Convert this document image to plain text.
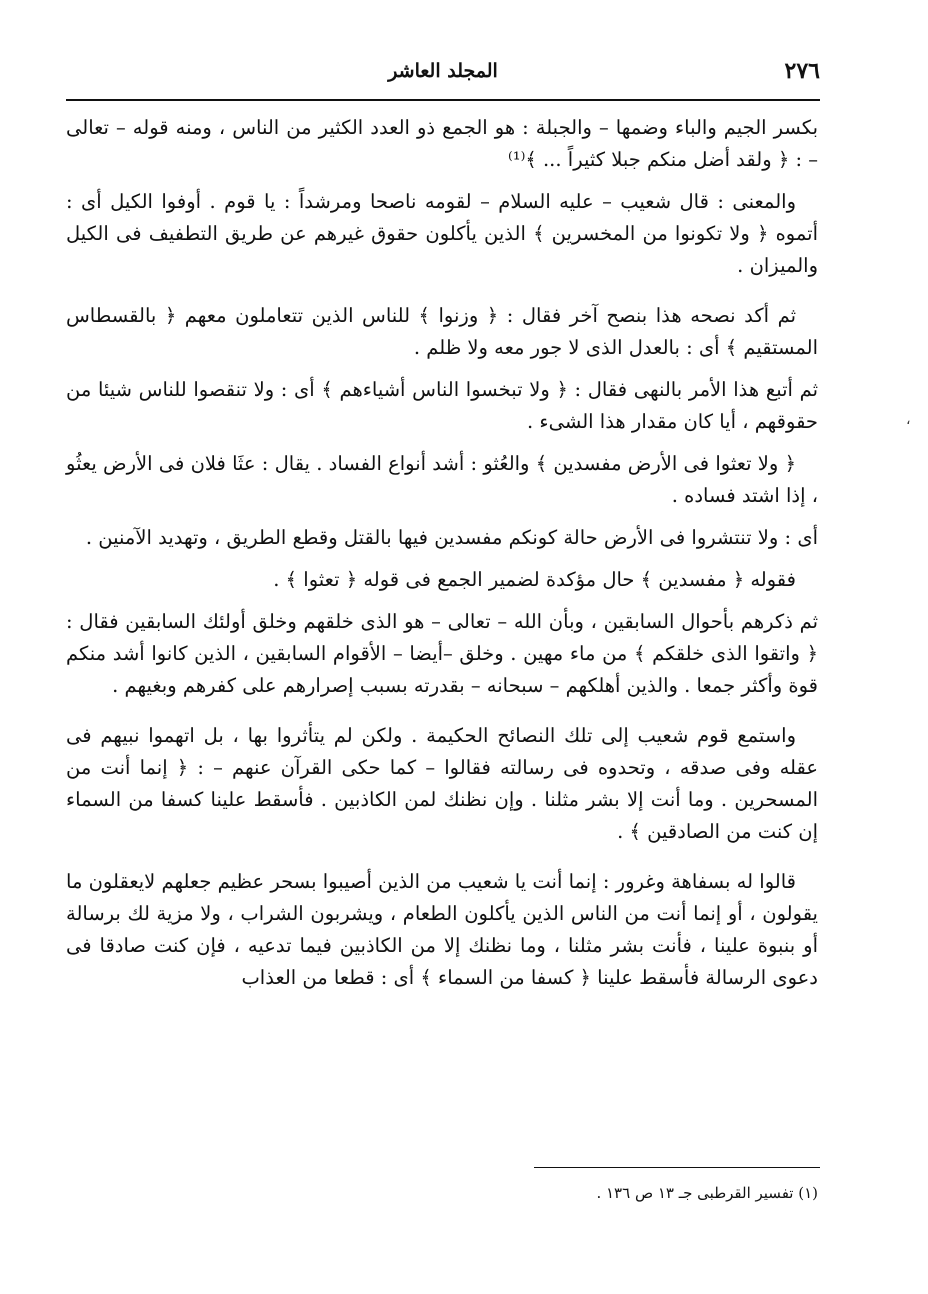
٢٧٦
المجلد العاشر
،

بكسر الجيم والباء وضمها – والجبلة : هو الجمع ذو العدد الكثير من الناس ، ومنه قوله – تعالى – : ﴿ ولقد أضل منكم جبلا كثيراً ... ﴾⁽¹⁾

والمعنى : قال شعيب – عليه السلام – لقومه ناصحا ومرشداً : يا قوم . أوفوا الكيل أى : أتموه ﴿ ولا تكونوا من المخسرين ﴾ الذين يأكلون حقوق غيرهم عن طريق التطفيف فى الكيل والميزان .

ثم أكد نصحه هذا بنصح آخر فقال : ﴿ وزنوا ﴾ للناس الذين تتعاملون معهم ﴿ بالقسطاس المستقيم ﴾ أى : بالعدل الذى لا جور معه ولا ظلم .

ثم أتبع هذا الأمر بالنهى فقال : ﴿ ولا تبخسوا الناس أشياءهم ﴾ أى : ولا تنقصوا للناس شيئا من حقوقهم ، أيا كان مقدار هذا الشىء .

﴿ ولا تعثوا فى الأرض مفسدين ﴾ والعُثو : أشد أنواع الفساد . يقال : عثَا فلان فى الأرض يعثُو ، إذا اشتد فساده .

أى : ولا تنتشروا فى الأرض حالة كونكم مفسدين فيها بالقتل وقطع الطريق ، وتهديد الآمنين .

فقوله ﴿ مفسدين ﴾ حال مؤكدة لضمير الجمع فى قوله ﴿ تعثوا ﴾ .

ثم ذكرهم بأحوال السابقين ، وبأن الله – تعالى – هو الذى خلقهم وخلق أولئك السابقين فقال : ﴿ واتقوا الذى خلقكم ﴾ من ماء مهين . وخلق –أيضا – الأقوام السابقين ، الذين كانوا أشد منكم قوة وأكثر جمعا . والذين أهلكهم – سبحانه – بقدرته بسبب إصرارهم على كفرهم وبغيهم .

واستمع قوم شعيب إلى تلك النصائح الحكيمة . ولكن لم يتأثروا بها ، بل اتهموا نبيهم فى عقله وفى صدقه ، وتحدوه فى رسالته فقالوا – كما حكى القرآن عنهم – : ﴿ إنما أنت من المسحرين . وما أنت إلا بشر مثلنا . وإن نظنك لمن الكاذبين . فأسقط علينا كسفا من السماء إن كنت من الصادقين ﴾ .

قالوا له بسفاهة وغرور : إنما أنت يا شعيب من الذين أصيبوا بسحر عظيم جعلهم لايعقلون ما يقولون ، أو إنما أنت من الناس الذين يأكلون الطعام ، ويشربون الشراب ، ولا مزية لك برسالة أو بنبوة علينا ، فأنت بشر مثلنا ، وما نظنك إلا من الكاذبين فيما تدعيه ، فإن كنت صادقا فى دعوى الرسالة فأسقط علينا ﴿ كسفا من السماء ﴾ أى : قطعا من العذاب

(١) تفسير القرطبى جـ ١٣ ص ١٣٦ .
